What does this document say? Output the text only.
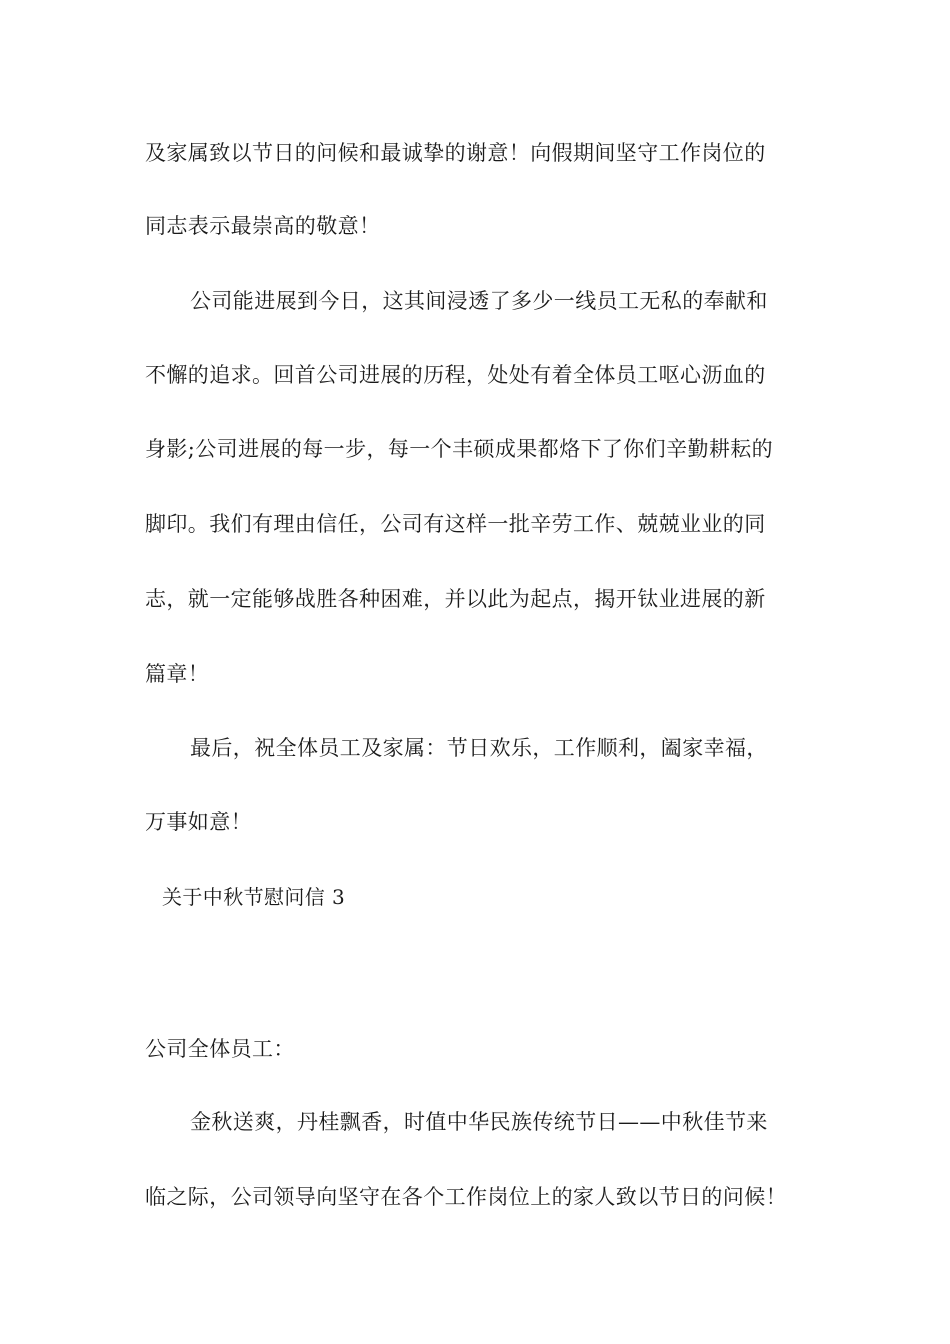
及家属致以节日的问候和最诚挚的谢意！向假期间坚守工作岗位的
同志表示最崇高的敬意！
公司能进展到今日，这其间浸透了多少一线员工无私的奉献和
不懈的追求。回首公司进展的历程，处处有着全体员工呕心沥血的
身影;公司进展的每一步，每一个丰硕成果都烙下了你们辛勤耕耘的
脚印。我们有理由信任，公司有这样一批辛劳工作、兢兢业业的同
志，就一定能够战胜各种困难，并以此为起点，揭开钛业进展的新
篇章！
最后，祝全体员工及家属：节日欢乐，工作顺利，阖家幸福，
万事如意！
关于中秋节慰问信 3
公司全体员工：
金秋送爽，丹桂飘香，时值中华民族传统节日——中秋佳节来
临之际，公司领导向坚守在各个工作岗位上的家人致以节日的问候！
